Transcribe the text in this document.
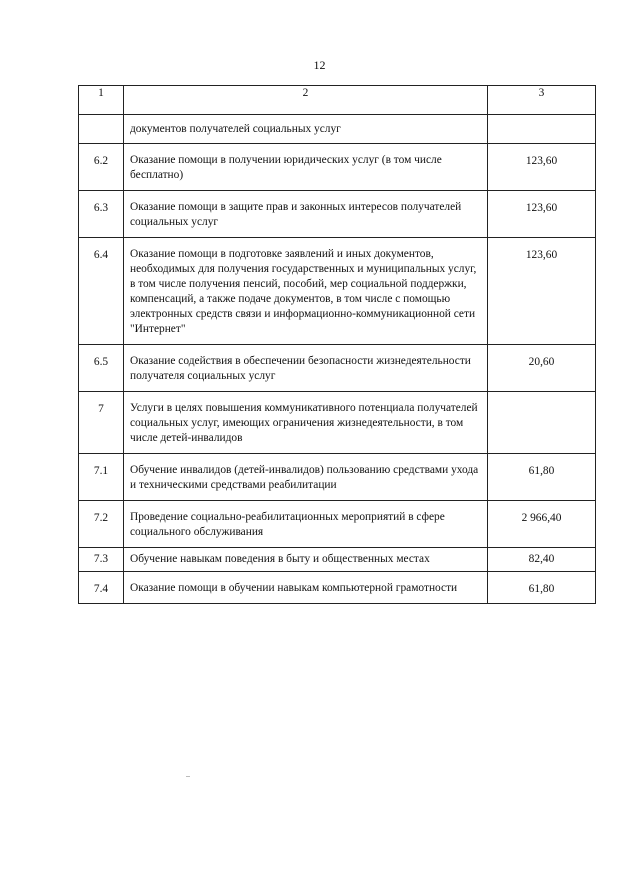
12
1	2	3
	документов получателей социальных услуг	
6.2	Оказание помощи в получении юридических услуг (в том числе бесплатно)	123,60
6.3	Оказание помощи в защите прав и законных интересов получателей социальных услуг	123,60
6.4	Оказание помощи в подготовке заявлений и иных документов, необходимых для получения государственных и муниципальных услуг, в том числе получения пенсий, пособий, мер социальной поддержки, компенсаций, а также подаче документов, в том числе с помощью электронных средств связи и информационно-коммуникационной сети "Интернет"	123,60
6.5	Оказание содействия в обеспечении безопасности жизнедеятельности получателя социальных услуг	20,60
7	Услуги в целях повышения коммуникативного потенциала получателей социальных услуг, имеющих ограничения жизнедеятельности, в том числе детей-инвалидов	
7.1	Обучение инвалидов (детей-инвалидов) пользованию средствами ухода и техническими средствами реабилитации	61,80
7.2	Проведение социально-реабилитационных мероприятий в сфере социального обслуживания	2 966,40
7.3	Обучение навыкам поведения в быту и общественных местах	82,40
7.4	Оказание помощи в обучении навыкам компьютерной грамотности	61,80
